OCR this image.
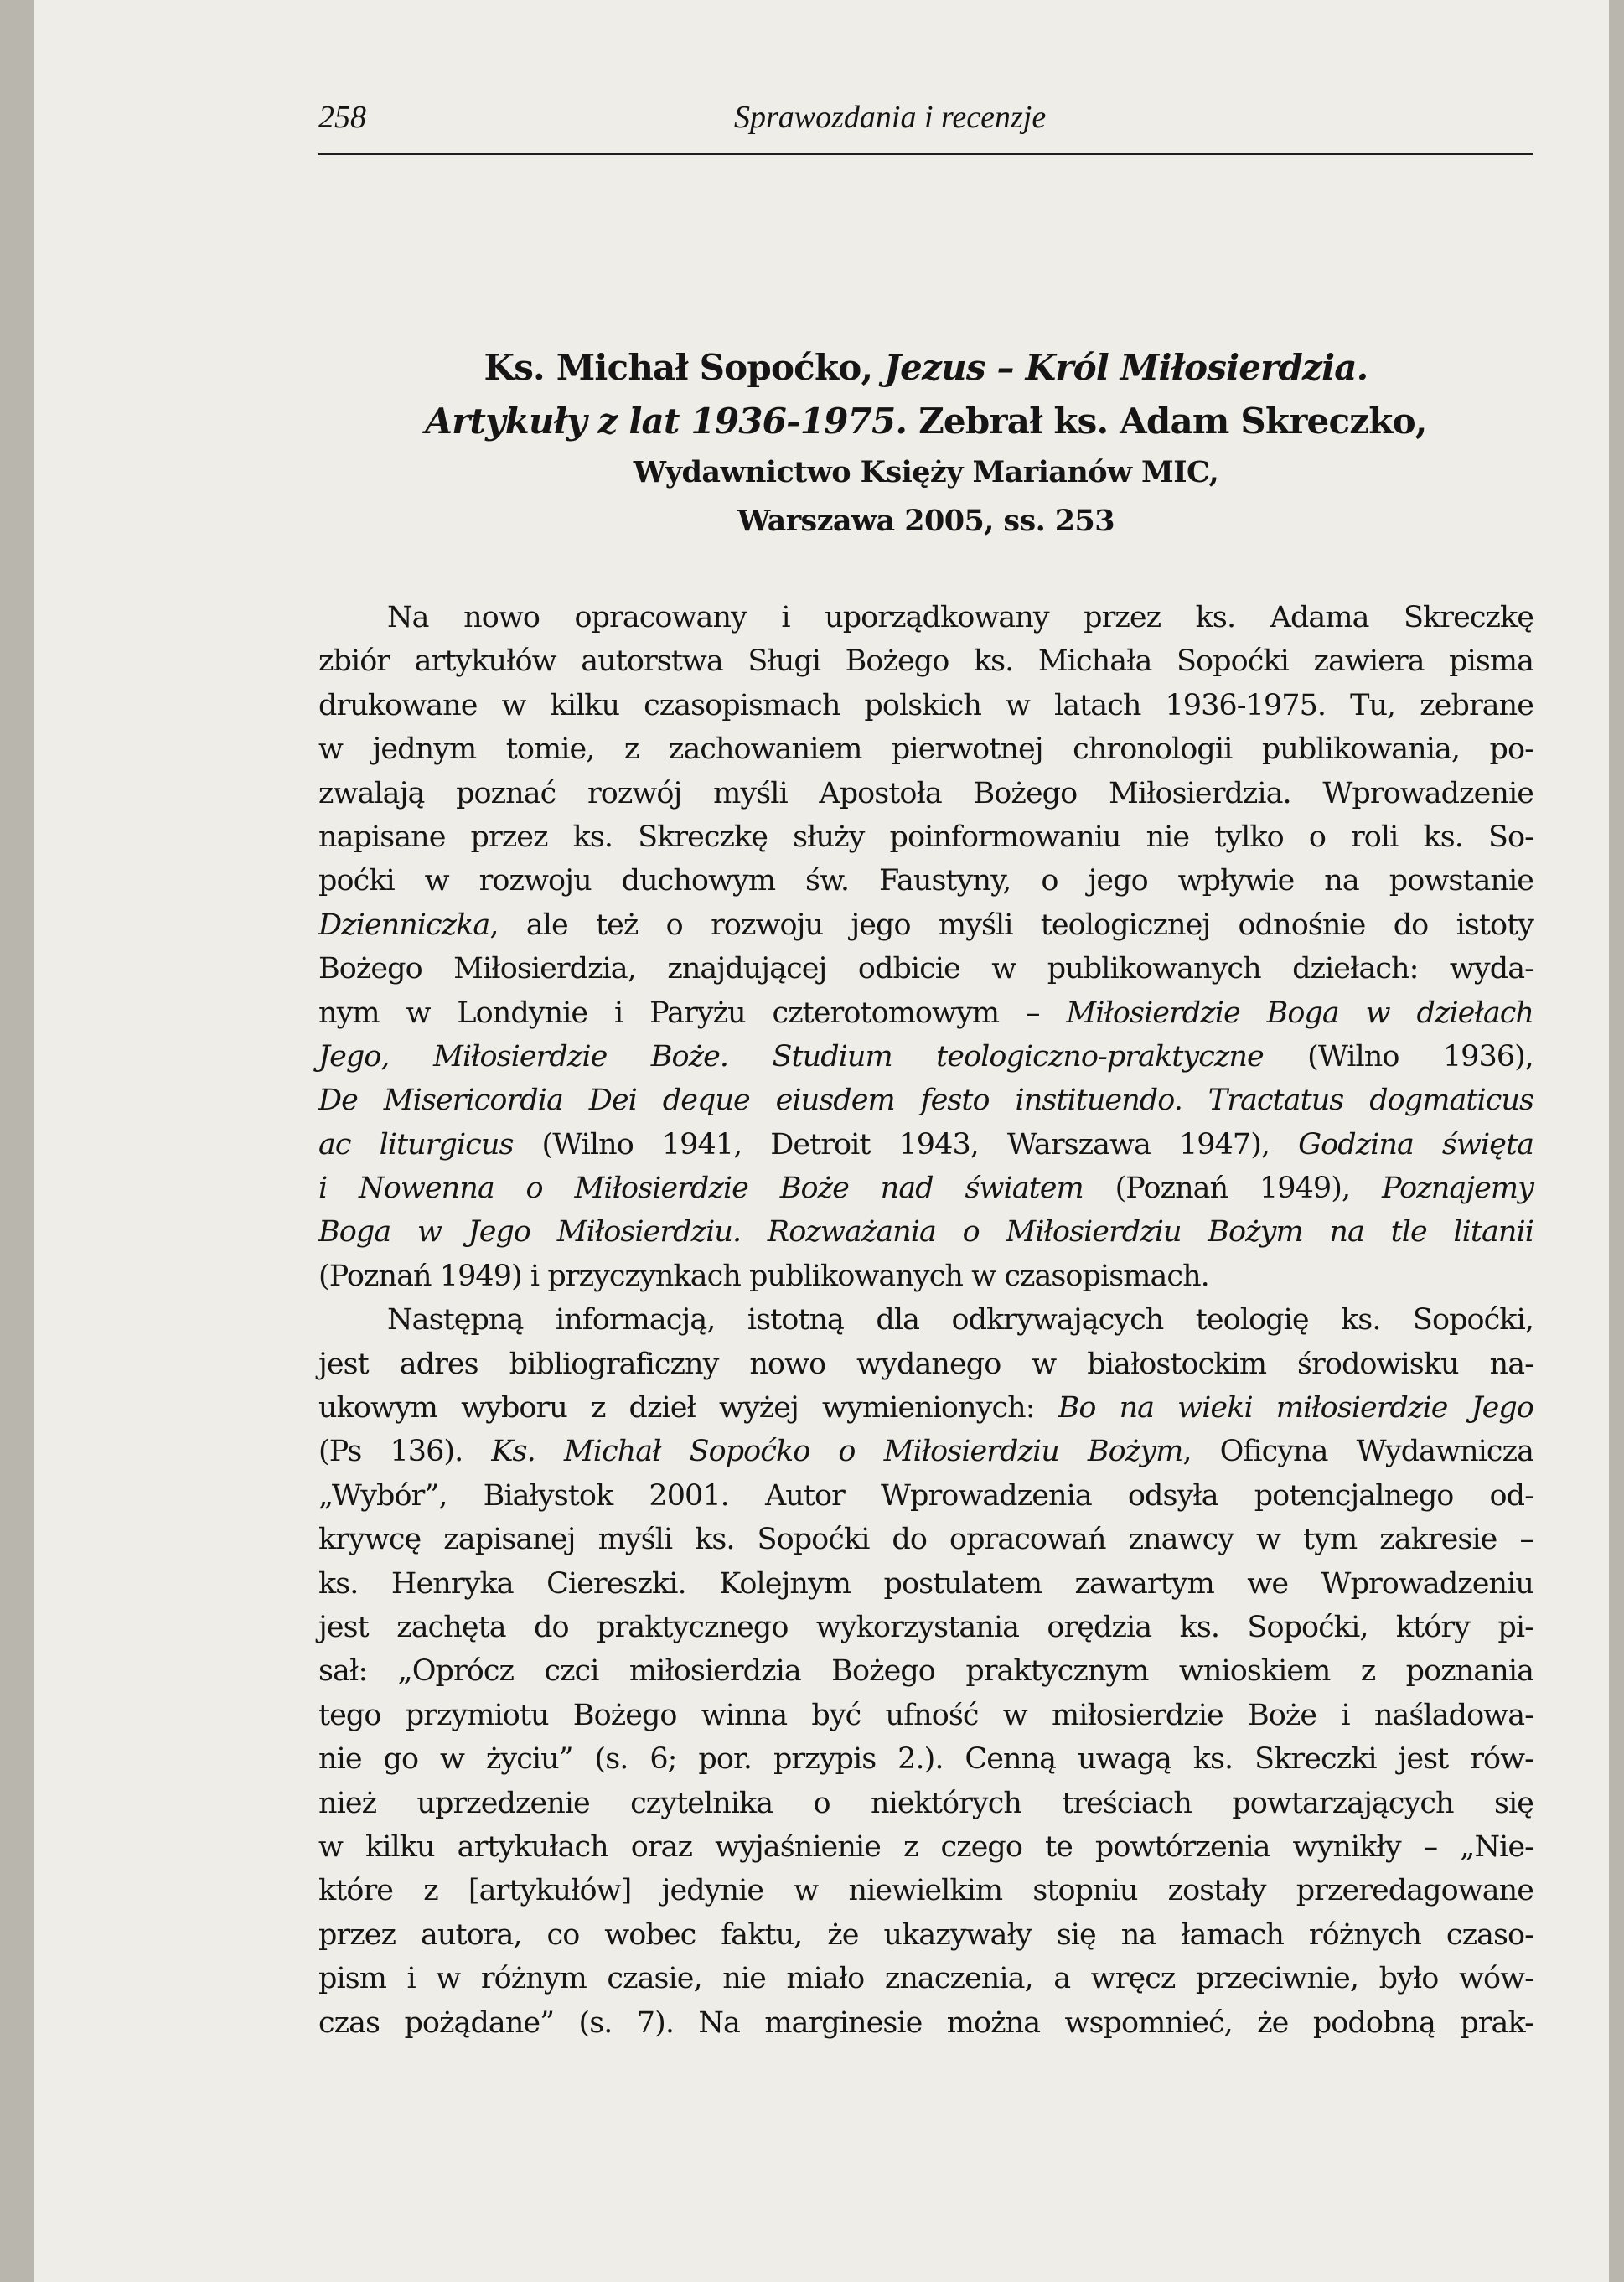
258	Sprawozdania i recenzje
Ks. Michał Sopoćko, Jezus – Król Miłosierdzia.
Artykuły z lat 1936-1975. Zebrał ks. Adam Skreczko,
Wydawnictwo Księży Marianów MIC,
Warszawa 2005, ss. 253
Na nowo opracowany i uporządkowany przez ks. Adama Skreczkę
zbiór artykułów autorstwa Sługi Bożego ks. Michała Sopoćki zawiera pisma
drukowane w kilku czasopismach polskich w latach 1936-1975. Tu, zebrane
w jednym tomie, z zachowaniem pierwotnej chronologii publikowania, po-
zwalają poznać rozwój myśli Apostoła Bożego Miłosierdzia. Wprowadzenie
napisane przez ks. Skreczkę służy poinformowaniu nie tylko o roli ks. So-
poćki w rozwoju duchowym św. Faustyny, o jego wpływie na powstanie
Dzienniczka, ale też o rozwoju jego myśli teologicznej odnośnie do istoty
Bożego Miłosierdzia, znajdującej odbicie w publikowanych dziełach: wyda-
nym w Londynie i Paryżu czterotomowym – Miłosierdzie Boga w dziełach
Jego, Miłosierdzie Boże. Studium teologiczno-praktyczne (Wilno 1936),
De Misericordia Dei deque eiusdem festo instituendo. Tractatus dogmaticus
ac liturgicus (Wilno 1941, Detroit 1943, Warszawa 1947), Godzina święta
i Nowenna o Miłosierdzie Boże nad światem (Poznań 1949), Poznajemy
Boga w Jego Miłosierdziu. Rozważania o Miłosierdziu Bożym na tle litanii
(Poznań 1949) i przyczynkach publikowanych w czasopismach.
Następną informacją, istotną dla odkrywających teologię ks. Sopoćki,
jest adres bibliograficzny nowo wydanego w białostockim środowisku na-
ukowym wyboru z dzieł wyżej wymienionych: Bo na wieki miłosierdzie Jego
(Ps 136). Ks. Michał Sopoćko o Miłosierdziu Bożym, Oficyna Wydawnicza
„Wybór”, Białystok 2001. Autor Wprowadzenia odsyła potencjalnego od-
krywcę zapisanej myśli ks. Sopoćki do opracowań znawcy w tym zakresie –
ks. Henryka Ciereszki. Kolejnym postulatem zawartym we Wprowadzeniu
jest zachęta do praktycznego wykorzystania orędzia ks. Sopoćki, który pi-
sał: „Oprócz czci miłosierdzia Bożego praktycznym wnioskiem z poznania
tego przymiotu Bożego winna być ufność w miłosierdzie Boże i naśladowa-
nie go w życiu” (s. 6; por. przypis 2.). Cenną uwagą ks. Skreczki jest rów-
nież uprzedzenie czytelnika o niektórych treściach powtarzających się
w kilku artykułach oraz wyjaśnienie z czego te powtórzenia wynikły – „Nie-
które z [artykułów] jedynie w niewielkim stopniu zostały przeredagowane
przez autora, co wobec faktu, że ukazywały się na łamach różnych czaso-
pism i w różnym czasie, nie miało znaczenia, a wręcz przeciwnie, było wów-
czas pożądane” (s. 7). Na marginesie można wspomnieć, że podobną prak-
